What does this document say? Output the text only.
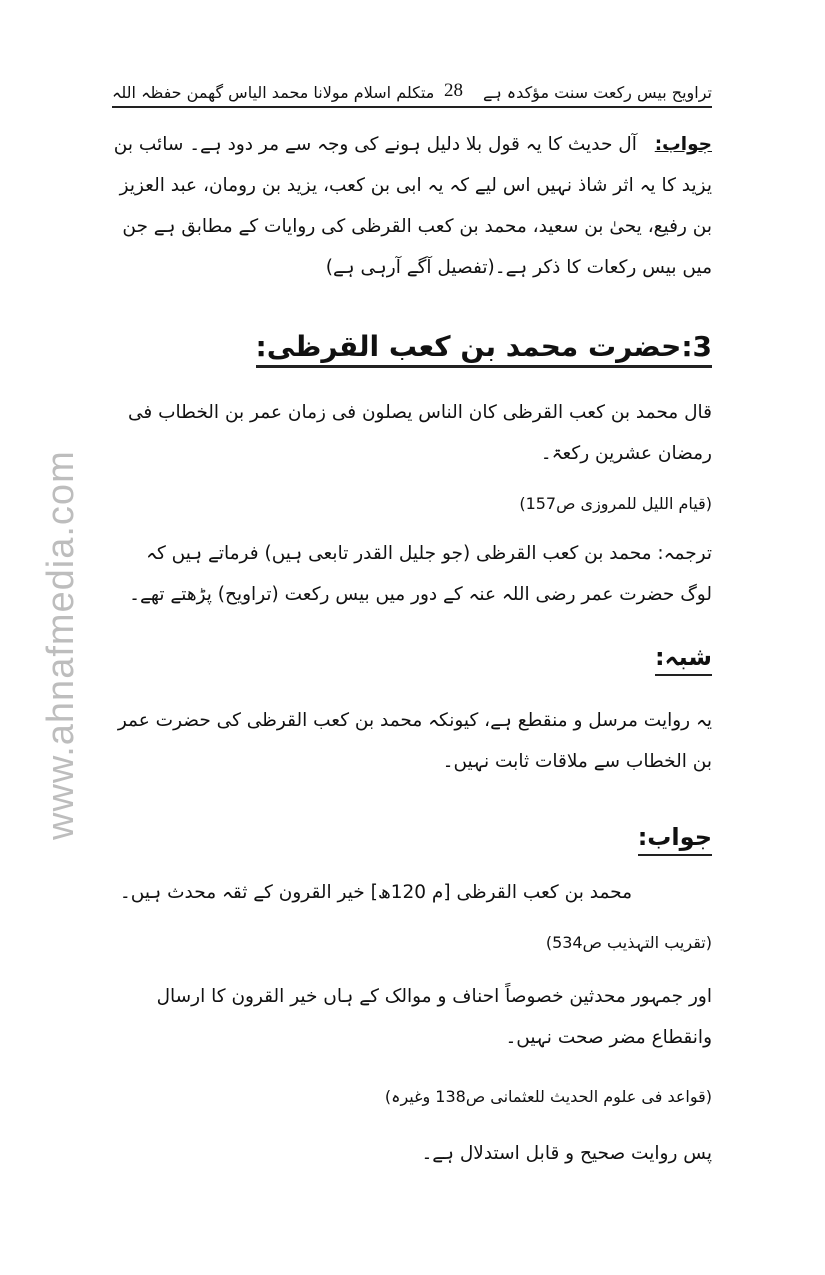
تراویح بیس رکعت سنت مؤکدہ ہے
28
متکلم اسلام مولانا محمد الیاس گھمن حفظہ اللہ
جواب: آل حدیث کا یہ قول بلا دلیل ہونے کی وجہ سے مر دود ہے۔ سائب بن یزید کا یہ اثر شاذ نہیں اس لیے کہ یہ ابی بن کعب، یزید بن رومان، عبد العزیز بن رفیع، یحیٰ بن سعید، محمد بن کعب القرظی کی روایات کے مطابق ہے جن میں بیس رکعات کا ذکر ہے۔(تفصیل آگے آرہی ہے)
3:حضرت محمد بن کعب القرظی:
قال محمد بن کعب القرظی کان الناس یصلون فی زمان عمر بن الخطاب فی رمضان عشرین رکعۃ۔
(قیام اللیل للمروزی ص157)
ترجمہ: محمد بن کعب القرظی (جو جلیل القدر تابعی ہیں) فرماتے ہیں کہ لوگ حضرت عمر رضی اللہ عنہ کے دور میں بیس رکعت (تراویح) پڑھتے تھے۔
شبہ:
یہ روایت مرسل و منقطع ہے، کیونکہ محمد بن کعب القرظی کی حضرت عمر بن الخطاب سے ملاقات ثابت نہیں۔
جواب:
محمد بن کعب القرظی [م 120ھ] خیر القرون کے ثقہ محدث ہیں۔
(تقریب التہذیب ص534)
اور جمہور محدثین خصوصاً احناف و موالک کے ہاں خیر القرون کا ارسال وانقطاع مضر صحت نہیں۔
(قواعد فی علوم الحدیث للعثمانی ص138 وغیرہ)
پس روایت صحیح و قابل استدلال ہے۔
www.ahnafmedia.com
